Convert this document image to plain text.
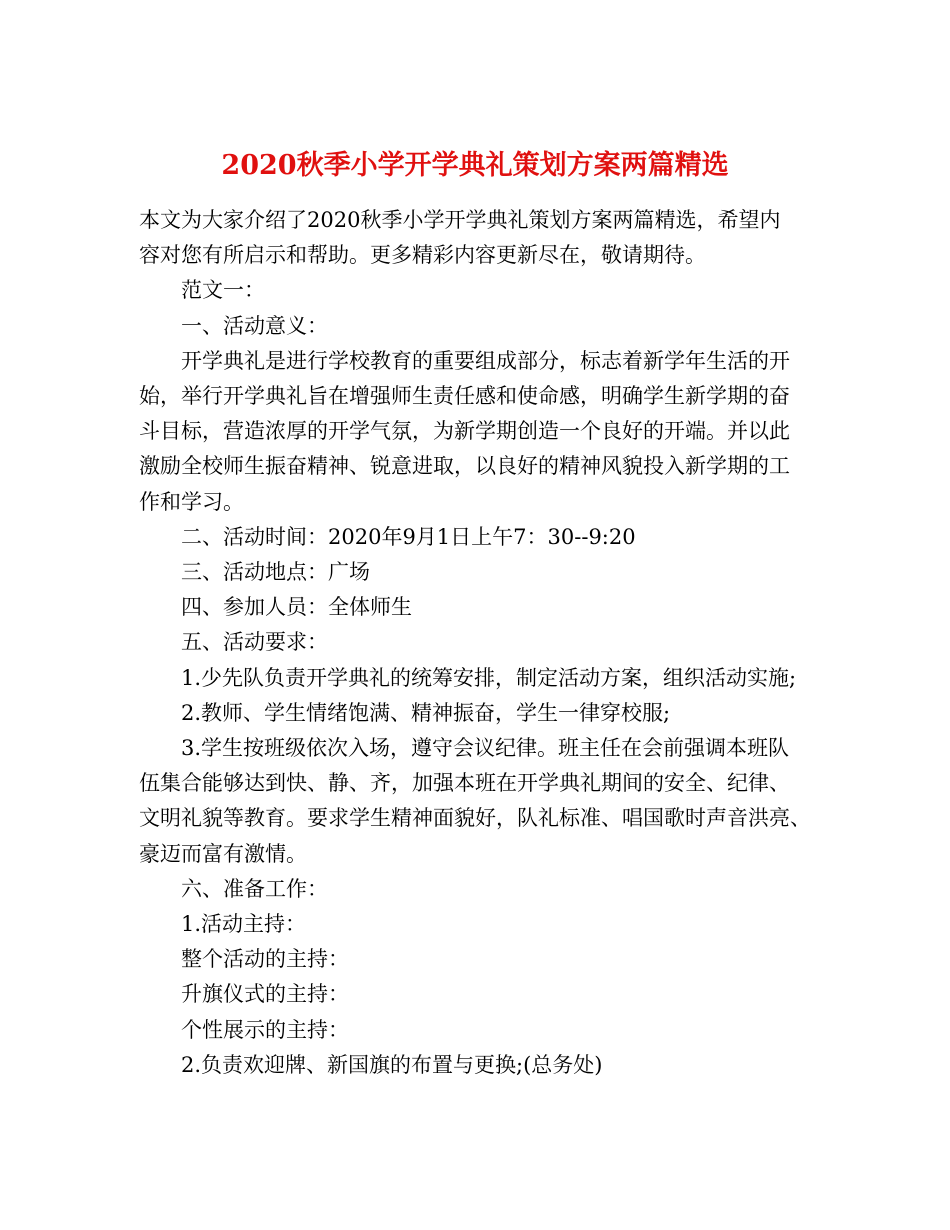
2020秋季小学开学典礼策划方案两篇精选

本文为大家介绍了2020秋季小学开学典礼策划方案两篇精选，希望内

容对您有所启示和帮助。更多精彩内容更新尽在，敬请期待。

范文一：

一、活动意义：

开学典礼是进行学校教育的重要组成部分，标志着新学年生活的开

始，举行开学典礼旨在增强师生责任感和使命感，明确学生新学期的奋

斗目标，营造浓厚的开学气氛，为新学期创造一个良好的开端。并以此

激励全校师生振奋精神、锐意进取，以良好的精神风貌投入新学期的工

作和学习。

二、活动时间：2020年9月1日上午7：30--9:20

三、活动地点：广场

四、参加人员：全体师生

五、活动要求：

1.少先队负责开学典礼的统筹安排，制定活动方案，组织活动实施;

2.教师、学生情绪饱满、精神振奋，学生一律穿校服;

3.学生按班级依次入场，遵守会议纪律。班主任在会前强调本班队

伍集合能够达到快、静、齐，加强本班在开学典礼期间的安全、纪律、

文明礼貌等教育。要求学生精神面貌好，队礼标准、唱国歌时声音洪亮、

豪迈而富有激情。

六、准备工作：

1.活动主持：

整个活动的主持：

升旗仪式的主持：

个性展示的主持：

2.负责欢迎牌、新国旗的布置与更换;(总务处)
